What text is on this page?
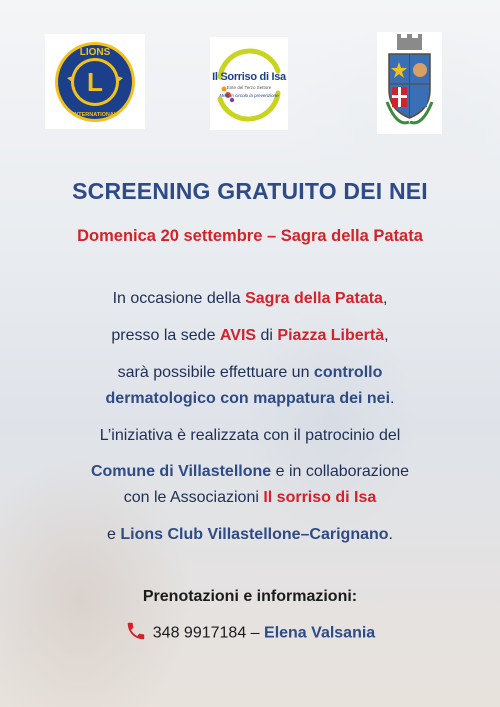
L
LIONS
INTERNATIONAL
Il Sorriso di Isa
Ente del Terzo Settore
Metti in circolo la prevenzione
SCREENING GRATUITO DEI NEI
Domenica 20 settembre – Sagra della Patata
In occasione della Sagra della Patata,
presso la sede AVIS di Piazza Libertà,
sarà possibile effettuare un controllo
dermatologico con mappatura dei nei.
L’iniziativa è realizzata con il patrocinio del
Comune di Villastellone e in collaborazione
con le Associazioni Il sorriso di Isa
e Lions Club Villastellone–Carignano.
Prenotazioni e informazioni:
348 9917184 – Elena Valsania
